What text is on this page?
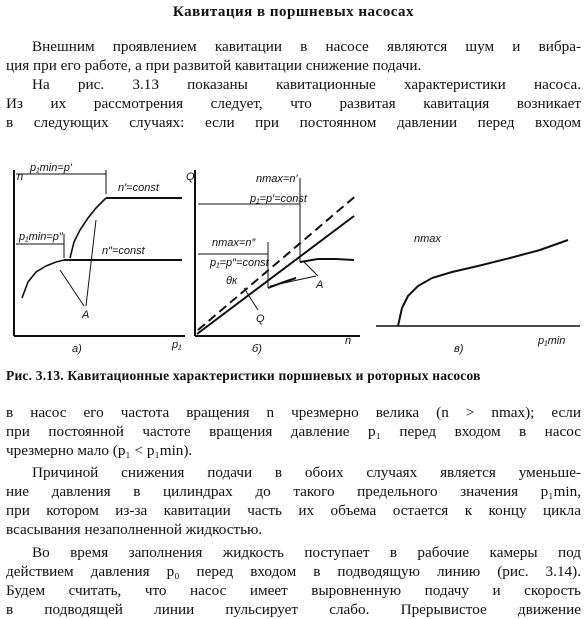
Кавитация в поршневых насосах

Внешним проявлением кавитации в насосе являются шум и вибра-
ция при его работе, а при развитой кавитации снижение подачи.

На рис. 3.13 показаны кавитационные характеристики насоса.
Из их рассмотрения следует, что развитая кавитация возникает
в следующих случаях: если при постоянном давлении перед входом

n
p₁
p₁min=p′
n′=const
p₁min=p″
n″=const
A
а)
Q
n
nmax=n′
p₁=p′=const
nmax=n″
p₁=p″=const
A
θк
Q
б)
nmax
p₁min
в)
Рис. 3.13. Кавитационные характеристики поршневых и роторных насосов

в насос его частота вращения n чрезмерно велика (n > nmax); если
при постоянной частоте вращения давление p₁ перед входом в насос
чрезмерно мало (p₁ < p₁min).

Причиной снижения подачи в обоих случаях является уменьше-
ние давления в цилиндрах до такого предельного значения p₁min,
при котором из-за кавитации часть их объема остается к концу цикла
всасывания незаполненной жидкостью.

Во время заполнения жидкость поступает в рабочие камеры под
действием давления p₀ перед входом в подводящую линию (рис. 3.14).
Будем считать, что насос имеет выровненную подачу и скорость
в подводящей линии пульсирует слабо. Прерывистое движение
